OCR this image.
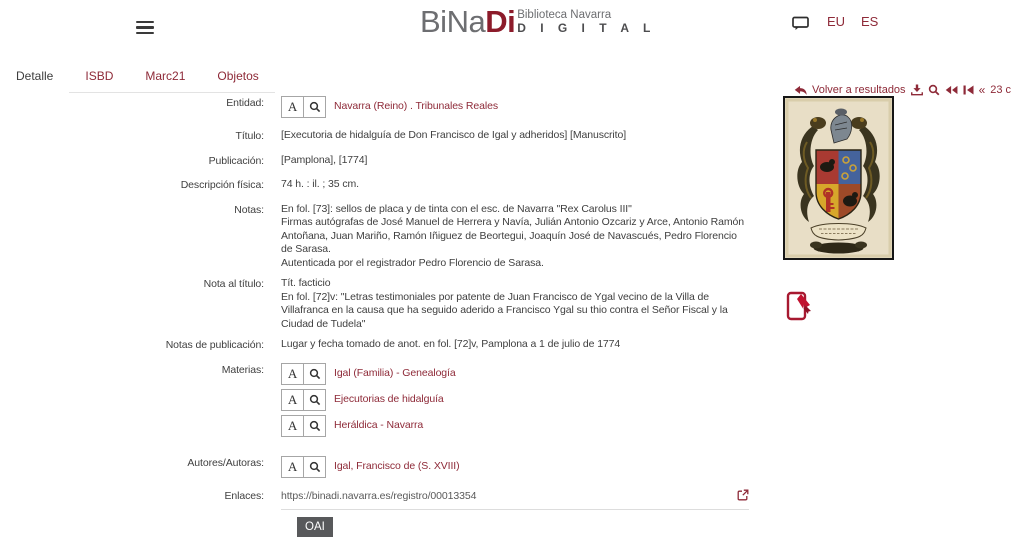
BiNaDi Biblioteca Navarra
D I G I T A L	EU ES
Detalle	ISBD	Marc21	Objetos
Entidad:	A	Navarra (Reino) . Tribunales Reales
Título:	[Executoria de hidalguía de Don Francisco de Igal y adheridos] [Manuscrito]
Publicación:	[Pamplona], [1774]
Descripción física:	74 h. : il. ; 35 cm.
Notas:	En fol. [73]: sellos de placa y de tinta con el esc. de Navarra "Rex Carolus III"
Firmas autógrafas de José Manuel de Herrera y Navía, Julián Antonio Ozcariz y Arce, Antonio Ramón Antoñana, Juan Mariño, Ramón Iñiguez de Beortegui, Joaquín José de Navascués, Pedro Florencio de Sarasa.
Autenticada por el registrador Pedro Florencio de Sarasa.
Nota al título:	Tít. facticio
En fol. [72]v: "Letras testimoniales por patente de Juan Francisco de Ygal vecino de la Villa de Villafranca en la causa que ha seguido aderido a Francisco Ygal su thio contra el Señor Fiscal y la Ciudad de Tudela"
Notas de publicación:	Lugar y fecha tomado de anot. en fol. [72]v, Pamplona a 1 de julio de 1774
Materias:	A	Igal (Familia) - Genealogía
A	Ejecutorias de hidalguía
A	Heráldica - Navarra
Autores/Autoras:	A	Igal, Francisco de (S. XVIII)
Enlaces:	https://binadi.navarra.es/registro/00013354
OAI
Volver a resultados	« 23 c
